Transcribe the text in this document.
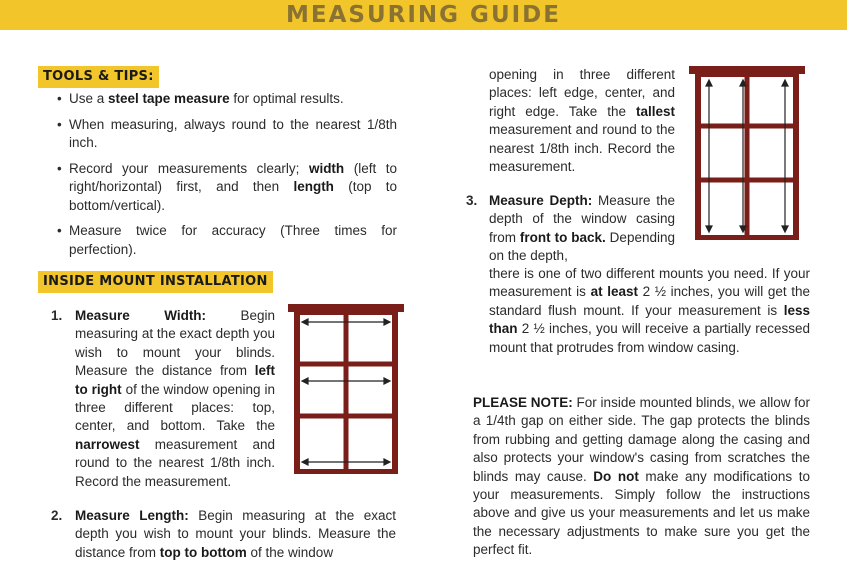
MEASURING GUIDE
TOOLS & TIPS:
• Use a steel tape measure for optimal results.
• When measuring, always round to the nearest 1/8th inch.
• Record your measurements clearly; width (left to right/horizontal) first, and then length (top to bottom/vertical).
• Measure twice for accuracy (Three times for perfection).
INSIDE MOUNT INSTALLATION
1. Measure Width: Begin measuring at the exact depth you wish to mount your blinds. Measure the distance from left to right of the window opening in three different places: top, center, and bottom. Take the narrowest measurement and round to the nearest 1/8th inch. Record the measurement.
2. Measure Length: Begin measuring at the exact depth you wish to mount your blinds. Measure the distance from top to bottom of the window
opening in three different places: left edge, center, and right edge. Take the tallest measurement and round to the nearest 1/8th inch. Record the measurement.
3. Measure Depth: Measure the depth of the window casing from front to back. Depending on the depth,
there is one of two different mounts you need. If your measurement is at least 2 ½ inches, you will get the standard flush mount. If your measurement is less than 2 ½ inches, you will receive a partially recessed mount that protrudes from window casing.
PLEASE NOTE: For inside mounted blinds, we allow for a 1/4th gap on either side. The gap protects the blinds from rubbing and getting damage along the casing and also protects your window's casing from scratches the blinds may cause. Do not make any modifications to your measurements. Simply follow the instructions above and give us your measurements and let us make the necessary adjustments to make sure you get the perfect fit.
